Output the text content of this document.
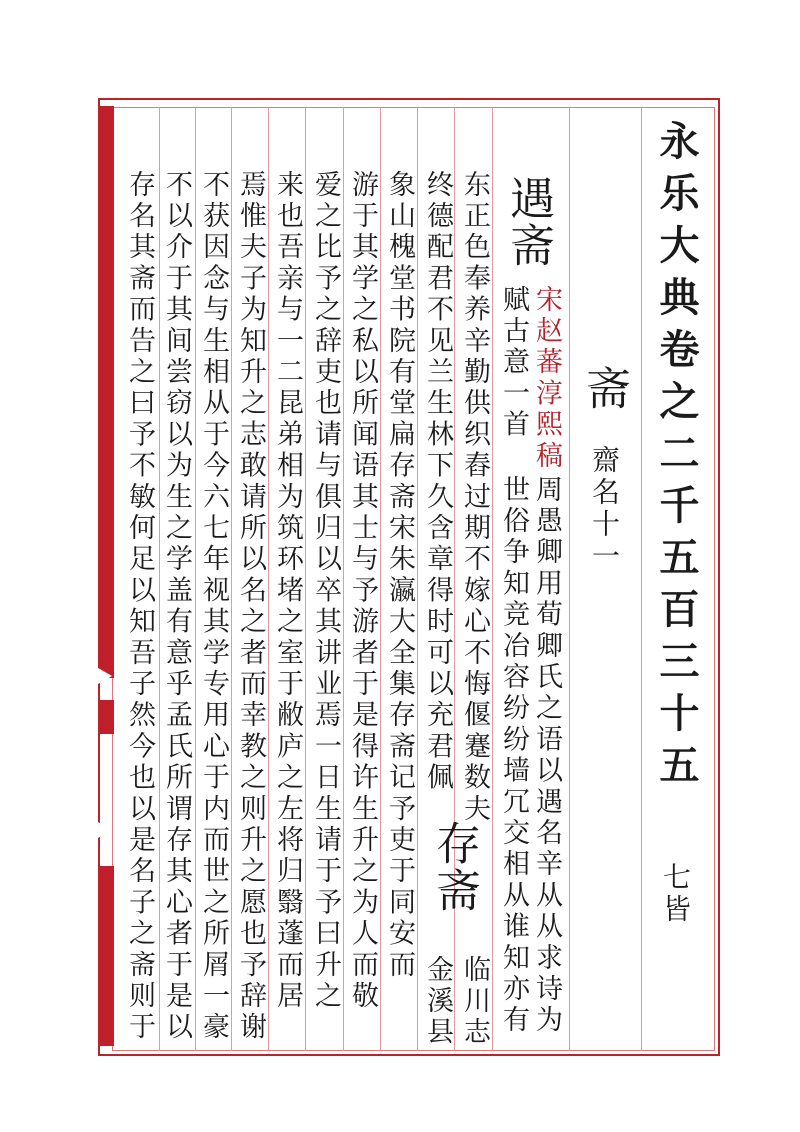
永乐大典卷之二千五百三十五
七皆
斋
齋名十一
遇斋
宋赵蕃淳熙稿
周愚卿用荀卿氏之语以遇名辛从从求诗为
赋古意一首
世俗争知竞冶容纷纷墙冗交相从谁知亦有
东正色奉养辛勤供织舂过期不嫁心不悔偃蹇数夫
终德配君不见兰生林下久含章得时可以充君佩
存斋
临川志
金溪县
象山槐堂书院有堂扁存斋宋朱瀛大全集存斋记予吏于同安而
游于其学之私以所闻语其士与予游者于是得许生升之为人而敬
爱之比予之辞吏也请与俱归以卒其讲业焉一日生请于予曰升之
来也吾亲与一二昆弟相为筑环堵之室于敝庐之左将归翳蓬而居
焉惟夫子为知升之志敢请所以名之者而幸教之则升之愿也予辞谢
不获因念与生相从于今六七年视其学专用心于内而世之所屑一豪
不以介于其间尝窃以为生之学盖有意乎孟氏所谓存其心者于是以
存名其斋而告之曰予不敏何足以知吾子然今也以是名子之斋则于
